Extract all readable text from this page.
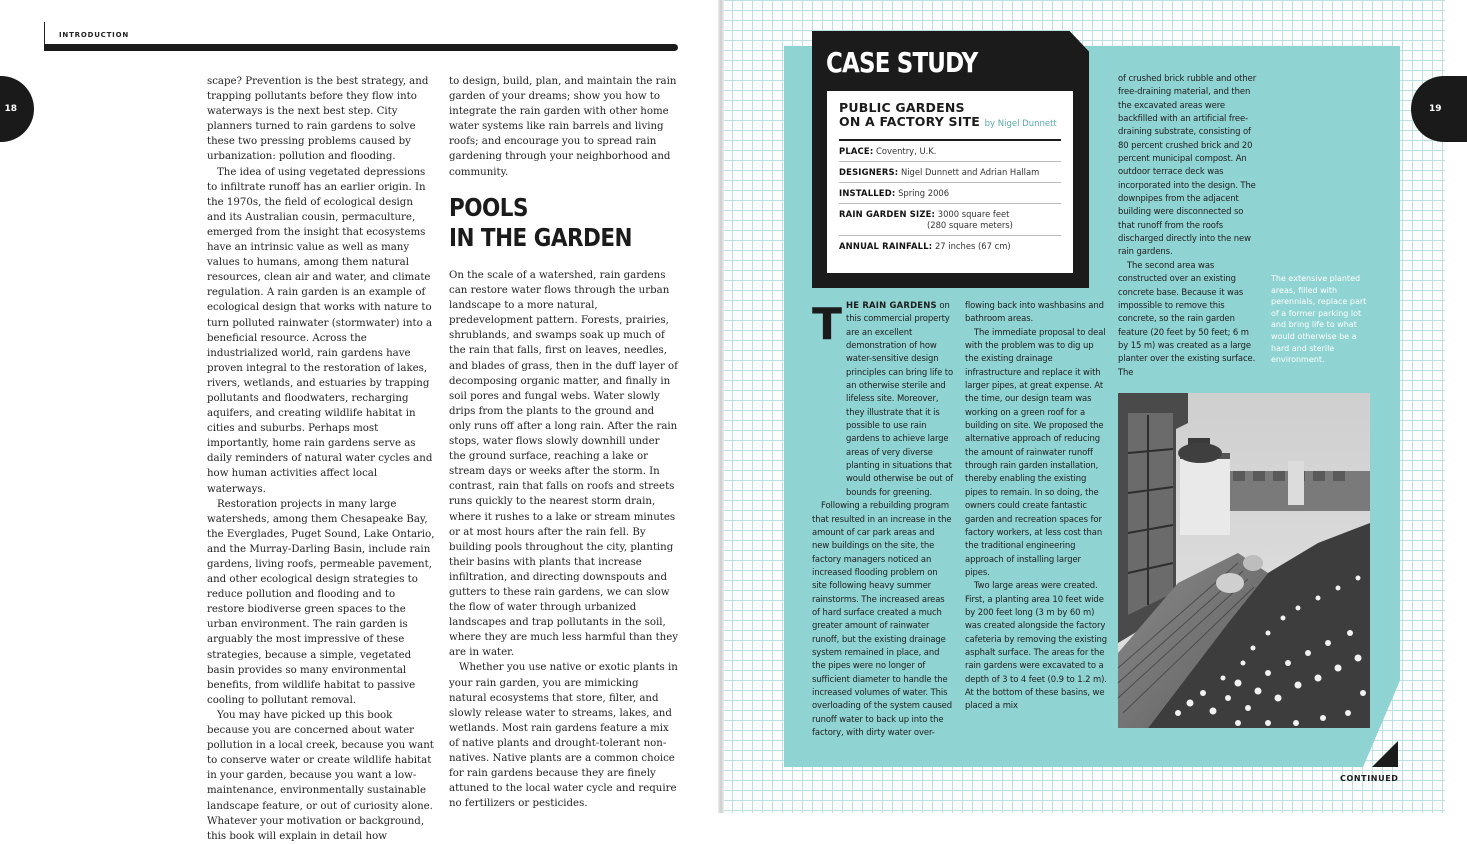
INTRODUCTION
18	19

scape? Prevention is the best strategy, and trapping pollutants before they flow into waterways is the next best step. City planners turned to rain gardens to solve these two pressing problems caused by urbanization: pollution and flooding.

The idea of using vegetated depressions to infiltrate runoff has an earlier origin. In the 1970s, the field of ecological design and its Australian cousin, permaculture, emerged from the insight that ecosystems have an intrinsic value as well as many values to humans, among them natural resources, clean air and water, and climate regulation. A rain garden is an example of ecological design that works with nature to turn polluted rainwater (stormwater) into a beneficial resource. Across the industrialized world, rain gardens have proven integral to the restoration of lakes, rivers, wetlands, and estuaries by trapping pollutants and floodwaters, recharging aquifers, and creating wildlife habitat in cities and suburbs. Perhaps most importantly, home rain gardens serve as daily reminders of natural water cycles and how human activities affect local waterways.

Restoration projects in many large watersheds, among them Chesapeake Bay, the Everglades, Puget Sound, Lake Ontario, and the Murray-Darling Basin, include rain gardens, living roofs, permeable pavement, and other ecological design strategies to reduce pollution and flooding and to restore biodiverse green spaces to the urban environment. The rain garden is arguably the most impressive of these strategies, because a simple, vegetated basin provides so many environmental benefits, from wildlife habitat to passive cooling to pollutant removal.

You may have picked up this book because you are concerned about water pollution in a local creek, because you want to conserve water or create wildlife habitat in your garden, because you want a low-maintenance, environmentally sustainable landscape feature, or out of curiosity alone. Whatever your motivation or background, this book will explain in detail how

to design, build, plan, and maintain the rain garden of your dreams; show you how to integrate the rain garden with other home water systems like rain barrels and living roofs; and encourage you to spread rain gardening through your neighborhood and community.

POOLS
IN THE GARDEN

On the scale of a watershed, rain gardens can restore water flows through the urban landscape to a more natural, predevelopment pattern. Forests, prairies, shrublands, and swamps soak up much of the rain that falls, first on leaves, needles, and blades of grass, then in the duff layer of decomposing organic matter, and finally in soil pores and fungal webs. Water slowly drips from the plants to the ground and only runs off after a long rain. After the rain stops, water flows slowly downhill under the ground surface, reaching a lake or stream days or weeks after the storm. In contrast, rain that falls on roofs and streets runs quickly to the nearest storm drain, where it rushes to a lake or stream minutes or at most hours after the rain fell. By building pools throughout the city, planting their basins with plants that increase infiltration, and directing downspouts and gutters to these rain gardens, we can slow the flow of water through urbanized landscapes and trap pollutants in the soil, where they are much less harmful than they are in water.

Whether you use native or exotic plants in your rain garden, you are mimicking natural ecosystems that store, filter, and slowly release water to streams, lakes, and wetlands. Most rain gardens feature a mix of native plants and drought-tolerant non-natives. Native plants are a common choice for rain gardens because they are finely attuned to the local water cycle and require no fertilizers or pesticides.

CASE STUDY
PUBLIC GARDENS
ON A FACTORY SITE by Nigel Dunnett
PLACE: Coventry, U.K.
DESIGNERS: Nigel Dunnett and Adrian Hallam
INSTALLED: Spring 2006
RAIN GARDEN SIZE: 3000 square feet
(280 square meters)
ANNUAL RAINFALL: 27 inches (67 cm)
T HE RAIN GARDENS on this commercial property are an excellent demonstration of how water-sensitive design principles can bring life to an otherwise sterile and lifeless site. Moreover, they illustrate that it is possible to use rain gardens to achieve large areas of very diverse planting in situations that would otherwise be out of bounds for greening.

Following a rebuilding program that resulted in an increase in the amount of car park areas and new buildings on the site, the factory managers noticed an increased flooding problem on site following heavy summer rainstorms. The increased areas of hard surface created a much greater amount of rainwater runoff, but the existing drainage system remained in place, and the pipes were no longer of sufficient diameter to handle the increased volumes of water. This overloading of the system caused runoff water to back up into the factory, with dirty water over-

flowing back into washbasins and bathroom areas.

The immediate proposal to deal with the problem was to dig up the existing drainage infrastructure and replace it with larger pipes, at great expense. At the time, our design team was working on a green roof for a building on site. We proposed the alternative approach of reducing the amount of rainwater runoff through rain garden installation, thereby enabling the existing pipes to remain. In so doing, the owners could create fantastic garden and recreation spaces for factory workers, at less cost than the traditional engineering approach of installing larger pipes.

Two large areas were created. First, a planting area 10 feet wide by 200 feet long (3 m by 60 m) was created alongside the factory cafeteria by removing the existing asphalt surface. The areas for the rain gardens were excavated to a depth of 3 to 4 feet (0.9 to 1.2 m). At the bottom of these basins, we placed a mix

of crushed brick rubble and other free-draining material, and then the excavated areas were backfilled with an artificial free-draining substrate, consisting of 80 percent crushed brick and 20 percent municipal compost. An outdoor terrace deck was incorporated into the design. The downpipes from the adjacent building were disconnected so that runoff from the roofs discharged directly into the new rain gardens.

The second area was constructed over an existing concrete base. Because it was impossible to remove this concrete, so the rain garden feature (20 feet by 50 feet; 6 m by 15 m) was created as a large planter over the existing surface. The

The extensive planted areas, filled with perennials, replace part of a former parking lot and bring life to what would otherwise be a hard and sterile environment.
CONTINUED
